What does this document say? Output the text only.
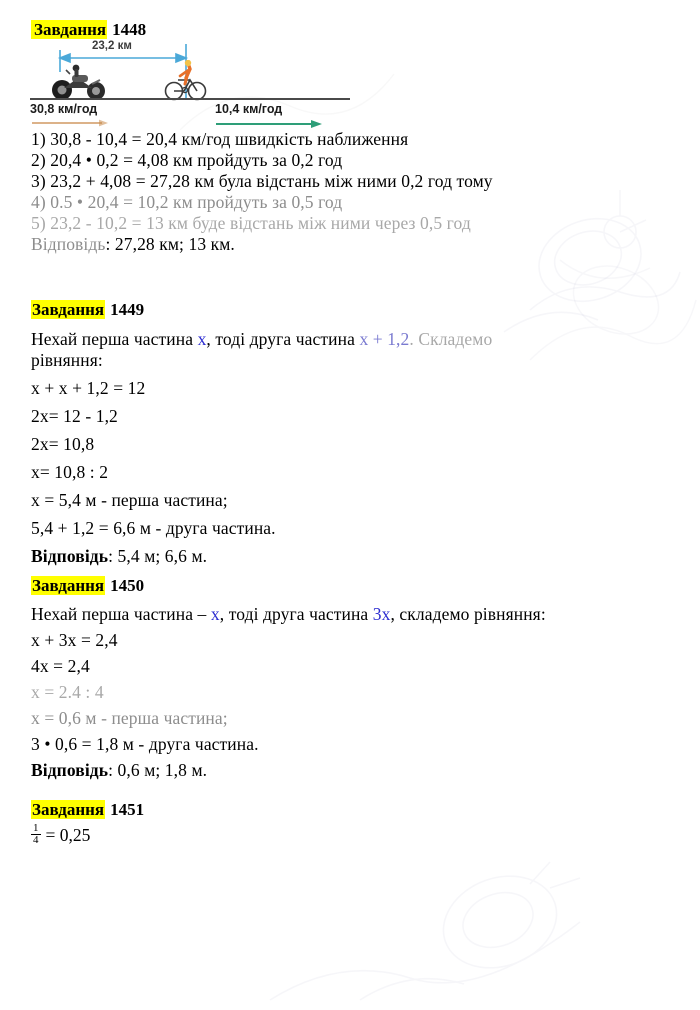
Завдання 1448
23,2 км
30,8 км/год	10,4 км/год
1) 30,8 - 10,4 = 20,4 км/год швидкість наближення
2) 20,4 • 0,2 = 4,08 км пройдуть за 0,2 год
3) 23,2 + 4,08 = 27,28 км була відстань між ними 0,2 год тому
4) 0.5 • 20,4 = 10,2 км пройдуть за 0,5 год
5) 23,2 - 10,2 = 13 км буде відстань між ними через 0,5 год
Відповідь: 27,28 км; 13 км.
Завдання 1449
Нехай перша частина x, тоді друга частина x + 1,2. Складемо
рівняння:
x + x + 1,2 = 12
2x= 12 - 1,2
2x= 10,8
x= 10,8 : 2
x = 5,4 м - перша частина;
5,4 + 1,2 = 6,6 м - друга частина.
Відповідь: 5,4 м; 6,6 м.
Завдання 1450
Нехай перша частина – x, тоді друга частина 3x, складемо рівняння:
x + 3x = 2,4
4x = 2,4
x = 2.4 : 4
x = 0,6 м - перша частина;
3 • 0,6 = 1,8 м - друга частина.
Відповідь: 0,6 м; 1,8 м.
Завдання 1451
$\frac{1}{4} = 0,25$
